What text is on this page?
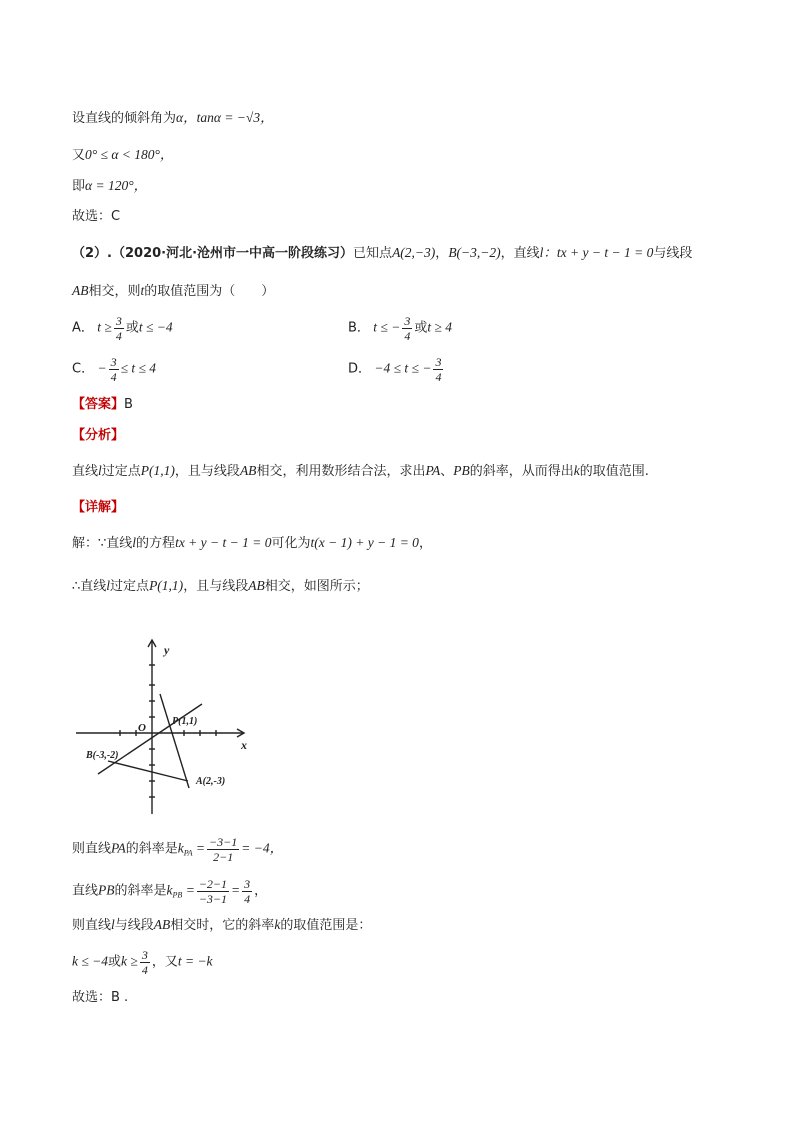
设直线的倾斜角为α，tanα = −√3，
又0° ≤ α < 180°，
即α = 120°，
故选：C
（2）.（2020·河北·沧州市一中高一阶段练习）已知点A(2,−3)，B(−3,−2)，直线l：tx + y − t − 1 = 0与线段
AB相交，则t的取值范围为（　　）
A． $t \ge \frac{3}{4}$ 或t ≤ −4	B． t ≤ − $\frac{3}{4}$ 或t ≥ 4
C． − $\frac{3}{4} \le t \le 4$	D． −4 ≤ t ≤ − $\frac{3}{4}$
【答案】B
【分析】
直线l过定点P(1,1)，且与线段AB相交，利用数形结合法，求出PA、PB的斜率，从而得出k的取值范围.
【详解】
解：∵直线l的方程tx + y − t − 1 = 0可化为t(x − 1) + y − 1 = 0，
∴直线l过定点P(1,1)，且与线段AB相交，如图所示；
y
x
O
P(1,1)
B(-3,-2)
A(2,-3)
则直线PA的斜率是$k_{PA} = \frac{-3-1}{2-1} = -4$，
直线PB的斜率是$k_{PB} = \frac{-2-1}{-3-1} = \frac{3}{4}$ ，
则直线l与线段AB相交时，它的斜率k的取值范围是：
k ≤ −4或$k \ge \frac{3}{4}$ ，又t = −k
故选：B .
